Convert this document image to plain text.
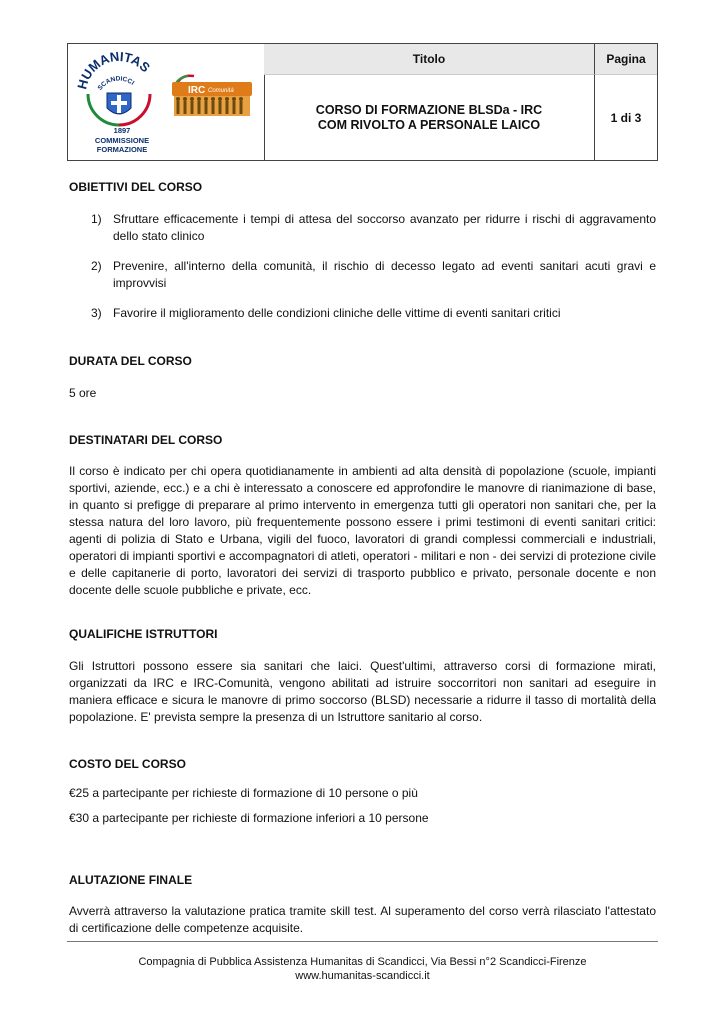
HUMANITAS
SCANDICCI
1897
COMMISSIONE
FORMAZIONE
IRC Comunità
Titolo	Pagina
CORSO DI FORMAZIONE BLSDa - IRC COM RIVOLTO A PERSONALE LAICO	1 di 3
OBIETTIVI DEL CORSO
1) Sfruttare efficacemente i tempi di attesa del soccorso avanzato per ridurre i rischi di aggravamento dello stato clinico
2) Prevenire, all'interno della comunità, il rischio di decesso legato ad eventi sanitari acuti gravi e improvvisi
3) Favorire il miglioramento delle condizioni cliniche delle vittime di eventi sanitari critici
DURATA DEL CORSO
5 ore
DESTINATARI DEL CORSO
Il corso è indicato per chi opera quotidianamente in ambienti ad alta densità di popolazione (scuole, impianti sportivi, aziende, ecc.) e a chi è interessato a conoscere ed approfondire le manovre di rianimazione di base, in quanto si prefigge di preparare al primo intervento in emergenza tutti gli operatori non sanitari che, per la stessa natura del loro lavoro, più frequentemente possono essere i primi testimoni di eventi sanitari critici: agenti di polizia di Stato e Urbana, vigili del fuoco, lavoratori di grandi complessi commerciali e industriali, operatori di impianti sportivi e accompagnatori di atleti, operatori - militari e non - dei servizi di protezione civile e delle capitanerie di porto, lavoratori dei servizi di trasporto pubblico e privato, personale docente e non docente delle scuole pubbliche e private, ecc.
QUALIFICHE ISTRUTTORI
Gli Istruttori possono essere sia sanitari che laici. Quest'ultimi, attraverso corsi di formazione mirati, organizzati da IRC e IRC-Comunità, vengono abilitati ad istruire soccorritori non sanitari ad eseguire in maniera efficace e sicura le manovre di primo soccorso (BLSD) necessarie a ridurre il tasso di mortalità della popolazione. E' prevista sempre la presenza di un Istruttore sanitario al corso.
COSTO DEL CORSO
€25 a partecipante per richieste di formazione di 10 persone o più
€30 a partecipante per richieste di formazione inferiori a 10 persone
ALUTAZIONE FINALE
Avverrà attraverso la valutazione pratica tramite skill test. Al superamento del corso verrà rilasciato l'attestato di certificazione delle competenze acquisite.
Compagnia di Pubblica Assistenza Humanitas di Scandicci, Via Bessi n°2 Scandicci-Firenze
www.humanitas-scandicci.it
